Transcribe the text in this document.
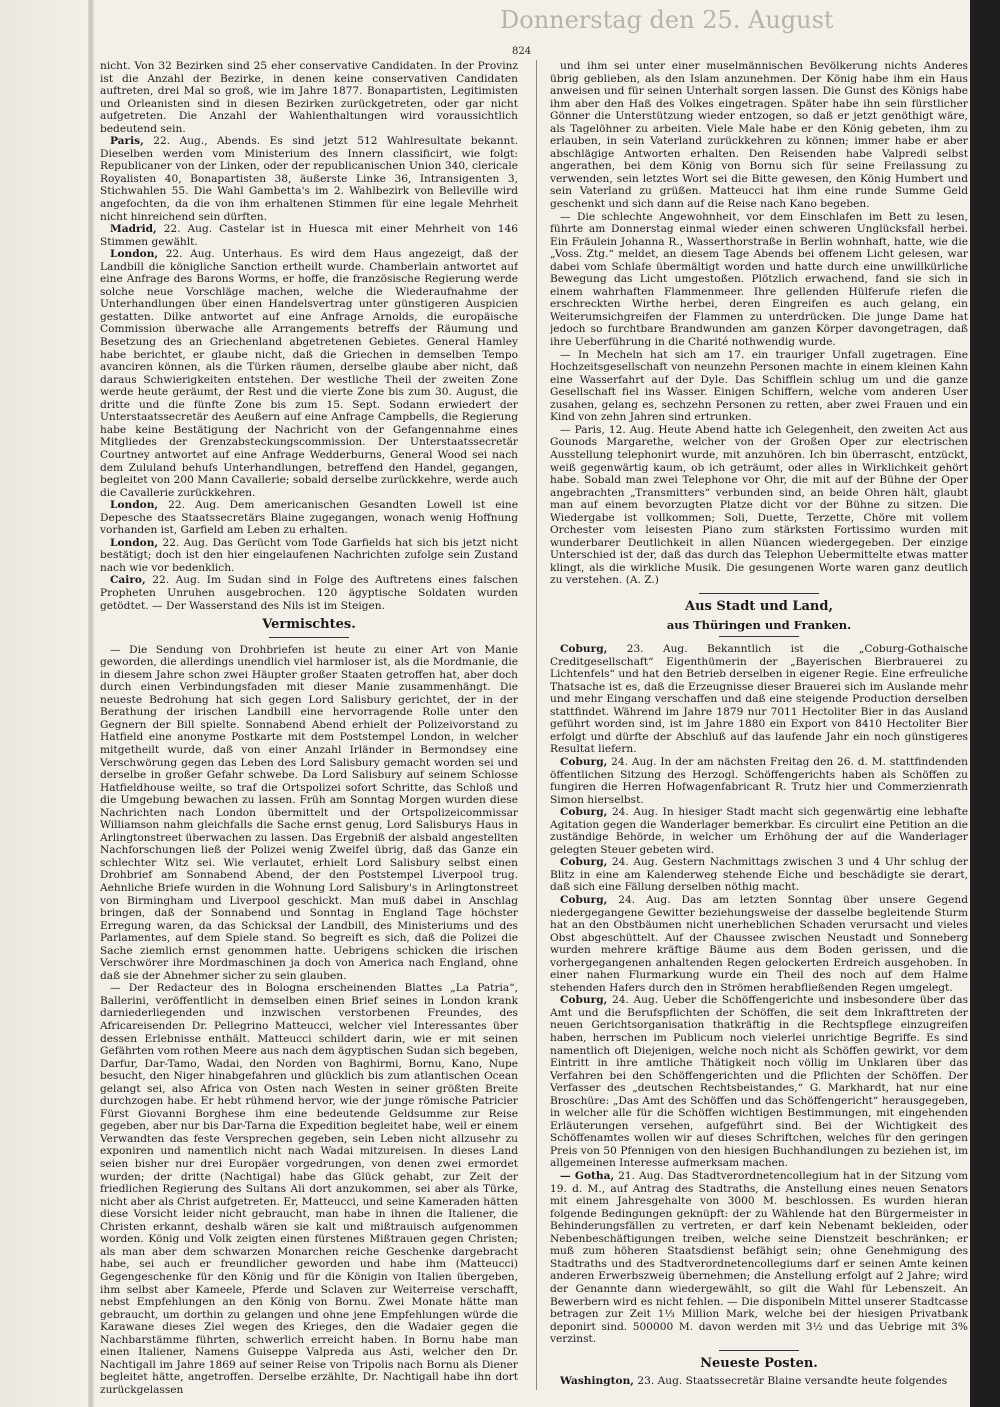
Donnerstag den 25. August
824

nicht. Von 32 Bezirken sind 25 eher conservative Candidaten. In der Provinz ist die Anzahl der Bezirke, in denen keine conservativen Candidaten auftreten, drei Mal so groß, wie im Jahre 1877. Bonapartisten, Legitimisten und Orleanisten sind in diesen Bezirken zurückgetreten, oder gar nicht aufgetreten. Die Anzahl der Wahlenthaltungen wird voraussichtlich bedeutend sein.

Paris, 22. Aug., Abends. Es sind jetzt 512 Wahlresultate bekannt. Dieselben werden vom Ministerium des Innern classificirt, wie folgt: Republicaner von der Linken, oder der republicanischen Union 340, clericale Royalisten 40, Bonapartisten 38, äußerste Linke 36, Intransigenten 3, Stichwahlen 55. Die Wahl Gambetta's im 2. Wahlbezirk von Belleville wird angefochten, da die von ihm erhaltenen Stimmen für eine legale Mehrheit nicht hinreichend sein dürften.

Madrid, 22. Aug. Castelar ist in Huesca mit einer Mehrheit von 146 Stimmen gewählt.

London, 22. Aug. Unterhaus. Es wird dem Haus angezeigt, daß der Landbill die königliche Sanction ertheilt wurde. Chamberlain antwortet auf eine Anfrage des Barons Worms, er hoffe, die französische Regierung werde solche neue Vorschläge machen, welche die Wiederaufnahme der Unterhandlungen über einen Handelsvertrag unter günstigeren Auspicien gestatten. Dilke antwortet auf eine Anfrage Arnolds, die europäische Commission überwache alle Arrangements betreffs der Räumung und Besetzung des an Griechenland abgetretenen Gebietes. General Hamley habe berichtet, er glaube nicht, daß die Griechen in demselben Tempo avanciren können, als die Türken räumen, derselbe glaube aber nicht, daß daraus Schwierigkeiten entstehen. Der westliche Theil der zweiten Zone werde heute geräumt, der Rest und die vierte Zone bis zum 30. August, die dritte und die fünfte Zone bis zum 15. Sept. Sodann erwiedert der Unterstaatssecretär des Aeußern auf eine Anfrage Campbells, die Regierung habe keine Bestätigung der Nachricht von der Gefangennahme eines Mitgliedes der Grenzabsteckungscommission. Der Unterstaatssecretär Courtney antwortet auf eine Anfrage Wedderburns, General Wood sei nach dem Zululand behufs Unterhandlungen, betreffend den Handel, gegangen, begleitet von 200 Mann Cavallerie; sobald derselbe zurückkehre, werde auch die Cavallerie zurückkehren.

London, 22. Aug. Dem americanischen Gesandten Lowell ist eine Depesche des Staatssecretärs Blaine zugegangen, wonach wenig Hoffnung vorhanden ist, Garfield am Leben zu erhalten.

London, 22. Aug. Das Gerücht vom Tode Garfields hat sich bis jetzt nicht bestätigt; doch ist den hier eingelaufenen Nachrichten zufolge sein Zustand nach wie vor bedenklich.

Cairo, 22. Aug. Im Sudan sind in Folge des Auftretens eines falschen Propheten Unruhen ausgebrochen. 120 ägyptische Soldaten wurden getödtet. — Der Wasserstand des Nils ist im Steigen.

Vermischtes.

— Die Sendung von Drohbriefen ist heute zu einer Art von Manie geworden, die allerdings unendlich viel harmloser ist, als die Mordmanie, die in diesem Jahre schon zwei Häupter großer Staaten getroffen hat, aber doch durch einen Verbindungsfaden mit dieser Manie zusammenhängt. Die neueste Bedrohung hat sich gegen Lord Salisbury gerichtet, der in der Berathung der irischen Landbill eine hervorragende Rolle unter den Gegnern der Bill spielte. Sonnabend Abend erhielt der Polizeivorstand zu Hatfield eine anonyme Postkarte mit dem Poststempel London, in welcher mitgetheilt wurde, daß von einer Anzahl Irländer in Bermondsey eine Verschwörung gegen das Leben des Lord Salisbury gemacht worden sei und derselbe in großer Gefahr schwebe. Da Lord Salisbury auf seinem Schlosse Hatfieldhouse weilte, so traf die Ortspolizei sofort Schritte, das Schloß und die Umgebung bewachen zu lassen. Früh am Sonntag Morgen wurden diese Nachrichten nach London übermittelt und der Ortspolizeicommissar Williamson nahm gleichfalls die Sache ernst genug, Lord Salisburys Haus in Arlingtonstreet überwachen zu lassen. Das Ergebniß der alsbald angestellten Nachforschungen ließ der Polizei wenig Zweifel übrig, daß das Ganze ein schlechter Witz sei. Wie verlautet, erhielt Lord Salisbury selbst einen Drohbrief am Sonnabend Abend, der den Poststempel Liverpool trug. Aehnliche Briefe wurden in die Wohnung Lord Salisbury's in Arlingtonstreet von Birmingham und Liverpool geschickt. Man muß dabei in Anschlag bringen, daß der Sonnabend und Sonntag in England Tage höchster Erregung waren, da das Schicksal der Landbill, des Ministeriums und des Parlamentes, auf dem Spiele stand. So begreift es sich, daß die Polizei die Sache ziemlich ernst genommen hatte. Uebrigens schicken die irischen Verschwörer ihre Mordmaschinen ja doch von America nach England, ohne daß sie der Abnehmer sicher zu sein glauben.

— Der Redacteur des in Bologna erscheinenden Blattes „La Patria“, Ballerini, veröffentlicht in demselben einen Brief seines in London krank darniederliegenden und inzwischen verstorbenen Freundes, des Africareisenden Dr. Pellegrino Matteucci, welcher viel Interessantes über dessen Erlebnisse enthält. Matteucci schildert darin, wie er mit seinen Gefährten vom rothen Meere aus nach dem ägyptischen Sudan sich begeben, Darfur, Dar-Tamo, Wadai, den Norden von Baghirmi, Bornu, Kano, Nupe besucht, den Niger hinabgefahren und glücklich bis zum atlantischen Ocean gelangt sei, also Africa von Osten nach Westen in seiner größten Breite durchzogen habe. Er hebt rühmend hervor, wie der junge römische Patricier Fürst Giovanni Borghese ihm eine bedeutende Geldsumme zur Reise gegeben, aber nur bis Dar-Tarna die Expedition begleitet habe, weil er einem Verwandten das feste Versprechen gegeben, sein Leben nicht allzusehr zu exponiren und namentlich nicht nach Wadai mitzureisen. In dieses Land seien bisher nur drei Europäer vorgedrungen, von denen zwei ermordet wurden; der dritte (Nachtigal) habe das Glück gehabt, zur Zeit der friedlichen Regierung des Sultans Ali dort anzukommen, sei aber als Türke, nicht aber als Christ aufgetreten. Er, Matteucci, und seine Kameraden hätten diese Vorsicht leider nicht gebraucht, man habe in ihnen die Italiener, die Christen erkannt, deshalb wären sie kalt und mißtrauisch aufgenommen worden. König und Volk zeigten einen fürstenes Mißtrauen gegen Christen; als man aber dem schwarzen Monarchen reiche Geschenke dargebracht habe, sei auch er freundlicher geworden und habe ihm (Matteucci) Gegengeschenke für den König und für die Königin von Italien übergeben, ihm selbst aber Kameele, Pferde und Sclaven zur Weiterreise verschafft, nebst Empfehlungen an den König von Bornu. Zwei Monate hätte man gebraucht, um dorthin zu gelangen und ohne jene Empfehlungen würde die Karawane dieses Ziel wegen des Krieges, den die Wadaier gegen die Nachbarstämme führten, schwerlich erreicht haben. In Bornu habe man einen Italiener, Namens Guiseppe Valpreda aus Asti, welcher den Dr. Nachtigall im Jahre 1869 auf seiner Reise von Tripolis nach Bornu als Diener begleitet hätte, angetroffen. Derselbe erzählte, Dr. Nachtigall habe ihn dort zurückgelassen

und ihm sei unter einer muselmännischen Bevölkerung nichts Anderes übrig geblieben, als den Islam anzunehmen. Der König habe ihm ein Haus anweisen und für seinen Unterhalt sorgen lassen. Die Gunst des Königs habe ihm aber den Haß des Volkes eingetragen. Später habe ihn sein fürstlicher Gönner die Unterstützung wieder entzogen, so daß er jetzt genöthigt wäre, als Tagelöhner zu arbeiten. Viele Male habe er den König gebeten, ihm zu erlauben, in sein Vaterland zurückkehren zu können; immer habe er aber abschlägige Antworten erhalten. Den Reisenden habe Valpredi selbst angerathen, bei dem König von Bornu sich für seine Freilassung zu verwenden, sein letztes Wort sei die Bitte gewesen, den König Humbert und sein Vaterland zu grüßen. Matteucci hat ihm eine runde Summe Geld geschenkt und sich dann auf die Reise nach Kano begeben.

— Die schlechte Angewohnheit, vor dem Einschlafen im Bett zu lesen, führte am Donnerstag einmal wieder einen schweren Unglücksfall herbei. Ein Fräulein Johanna R., Wasserthorstraße in Berlin wohnhaft, hatte, wie die „Voss. Ztg.“ meldet, an diesem Tage Abends bei offenem Licht gelesen, war dabei vom Schlafe übermältigt worden und hatte durch eine unwillkürliche Bewegung das Licht umgestoßen. Plötzlich erwachend, fand sie sich in einem wahrhaften Flammenmeer. Ihre gellenden Hülferufe riefen die erschreckten Wirthe herbei, deren Eingreifen es auch gelang, ein Weiterumsichgreifen der Flammen zu unterdrücken. Die junge Dame hat jedoch so furchtbare Brandwunden am ganzen Körper davongetragen, daß ihre Ueberführung in die Charité nothwendig wurde.

— In Mecheln hat sich am 17. ein trauriger Unfall zugetragen. Eine Hochzeitsgesellschaft von neunzehn Personen machte in einem kleinen Kahn eine Wasserfahrt auf der Dyle. Das Schifflein schlug um und die ganze Gesellschaft fiel ins Wasser. Einigen Schiffern, welche vom anderen User zusahen, gelang es, sechzehn Personen zu retten, aber zwei Frauen und ein Kind von zehn Jahren sind ertrunken.

— Paris, 12. Aug. Heute Abend hatte ich Gelegenheit, den zweiten Act aus Gounods Margarethe, welcher von der Großen Oper zur electrischen Ausstellung telephonirt wurde, mit anzuhören. Ich bin überrascht, entzückt, weiß gegenwärtig kaum, ob ich geträumt, oder alles in Wirklichkeit gehört habe. Sobald man zwei Telephone vor Ohr, die mit auf der Bühne der Oper angebrachten „Transmitters“ verbunden sind, an beide Ohren hält, glaubt man auf einem bevorzugten Platze dicht vor der Bühne zu sitzen. Die Wiedergabe ist vollkommen; Soli, Duette, Terzette, Chöre mit vollem Orchester vom leisesten Piano zum stärksten Fortissimo wurden mit wunderbarer Deutlichkeit in allen Nüancen wiedergegeben. Der einzige Unterschied ist der, daß das durch das Telephon Uebermittelte etwas matter klingt, als die wirkliche Musik. Die gesungenen Worte waren ganz deutlich zu verstehen. (A. Z.)

Aus Stadt und Land,
aus Thüringen und Franken.

Coburg, 23. Aug. Bekanntlich ist die „Coburg-Gothaische Creditgesellschaft“ Eigenthümerin der „Bayerischen Bierbrauerei zu Lichtenfels“ und hat den Betrieb derselben in eigener Regie. Eine erfreuliche Thatsache ist es, daß die Erzeugnisse dieser Brauerei sich im Auslande mehr und mehr Eingang verschaffen und daß eine steigende Production derselben stattfindet. Während im Jahre 1879 nur 7011 Hectoliter Bier in das Ausland geführt worden sind, ist im Jahre 1880 ein Export von 8410 Hectoliter Bier erfolgt und dürfte der Abschluß auf das laufende Jahr ein noch günstigeres Resultat liefern.

Coburg, 24. Aug. In der am nächsten Freitag den 26. d. M. stattfindenden öffentlichen Sitzung des Herzogl. Schöffengerichts haben als Schöffen zu fungiren die Herren Hofwagenfabricant R. Trutz hier und Commerzienrath Simon hierselbst.

Coburg, 24. Aug. In hiesiger Stadt macht sich gegenwärtig eine lebhafte Agitation gegen die Wanderlager bemerkbar. Es circulirt eine Petition an die zuständige Behörde, in welcher um Erhöhung der auf die Wanderlager gelegten Steuer gebeten wird.

Coburg, 24. Aug. Gestern Nachmittags zwischen 3 und 4 Uhr schlug der Blitz in eine am Kalenderweg stehende Eiche und beschädigte sie derart, daß sich eine Fällung derselben nöthig macht.

Coburg, 24. Aug. Das am letzten Sonntag über unsere Gegend niedergegangene Gewitter beziehungsweise der dasselbe begleitende Sturm hat an den Obstbäumen nicht unerheblichen Schaden verursacht und vieles Obst abgeschüttelt. Auf der Chaussee zwischen Neustadt und Sonneberg wurden mehrere kräftige Bäume aus dem Boden gerissen, und die vorhergegangenen anhaltenden Regen gelockerten Erdreich ausgehoben. In einer nahen Flurmarkung wurde ein Theil des noch auf dem Halme stehenden Hafers durch den in Strömen herabfließenden Regen umgelegt.

Coburg, 24. Aug. Ueber die Schöffengerichte und insbesondere über das Amt und die Berufspflichten der Schöffen, die seit dem Inkrafttreten der neuen Gerichtsorganisation thatkräftig in die Rechtspflege einzugreifen haben, herrschen im Publicum noch vielerlei unrichtige Begriffe. Es sind namentlich oft Diejenigen, welche noch nicht als Schöffen gewirkt, vor dem Eintritt in ihre amtliche Thätigkeit noch völlig im Unklaren über das Verfahren bei den Schöffengerichten und die Pflichten der Schöffen. Der Verfasser des „deutschen Rechtsbeistandes,“ G. Markhardt, hat nur eine Broschüre: „Das Amt des Schöffen und das Schöffengericht“ herausgegeben, in welcher alle für die Schöffen wichtigen Bestimmungen, mit eingehenden Erläuterungen versehen, aufgeführt sind. Bei der Wichtigkeit des Schöffenamtes wollen wir auf dieses Schriftchen, welches für den geringen Preis von 50 Pfennigen von den hiesigen Buchhandlungen zu beziehen ist, im allgemeinen Interesse aufmerksam machen.

— Gotha, 21. Aug. Das Stadtverordnetencollegium hat in der Sitzung vom 19. d. M., auf Antrag des Stadtraths, die Anstellung eines neuen Senators mit einem Jahresgehalte von 3000 M. beschlossen. Es wurden hieran folgende Bedingungen geknüpft: der zu Wählende hat den Bürgermeister in Behinderungsfällen zu vertreten, er darf kein Nebenamt bekleiden, oder Nebenbeschäftigungen treiben, welche seine Dienstzeit beschränken; er muß zum höheren Staatsdienst befähigt sein; ohne Genehmigung des Stadtraths und des Stadtverordnetencollegiums darf er seinen Amte keinen anderen Erwerbszweig übernehmen; die Anstellung erfolgt auf 2 Jahre; wird der Genannte dann wiedergewählt, so gilt die Wahl für Lebenszeit. An Bewerbern wird es nicht fehlen. — Die disponibeln Mittel unserer Stadtcasse betragen zur Zeit 1⅓ Million Mark, welche bei der hiesigen Privatbank deponirt sind. 500000 M. davon werden mit 3½ und das Uebrige mit 3% verzinst.

Neueste Posten.

Washington, 23. Aug. Staatssecretär Blaine versandte heute folgendes
